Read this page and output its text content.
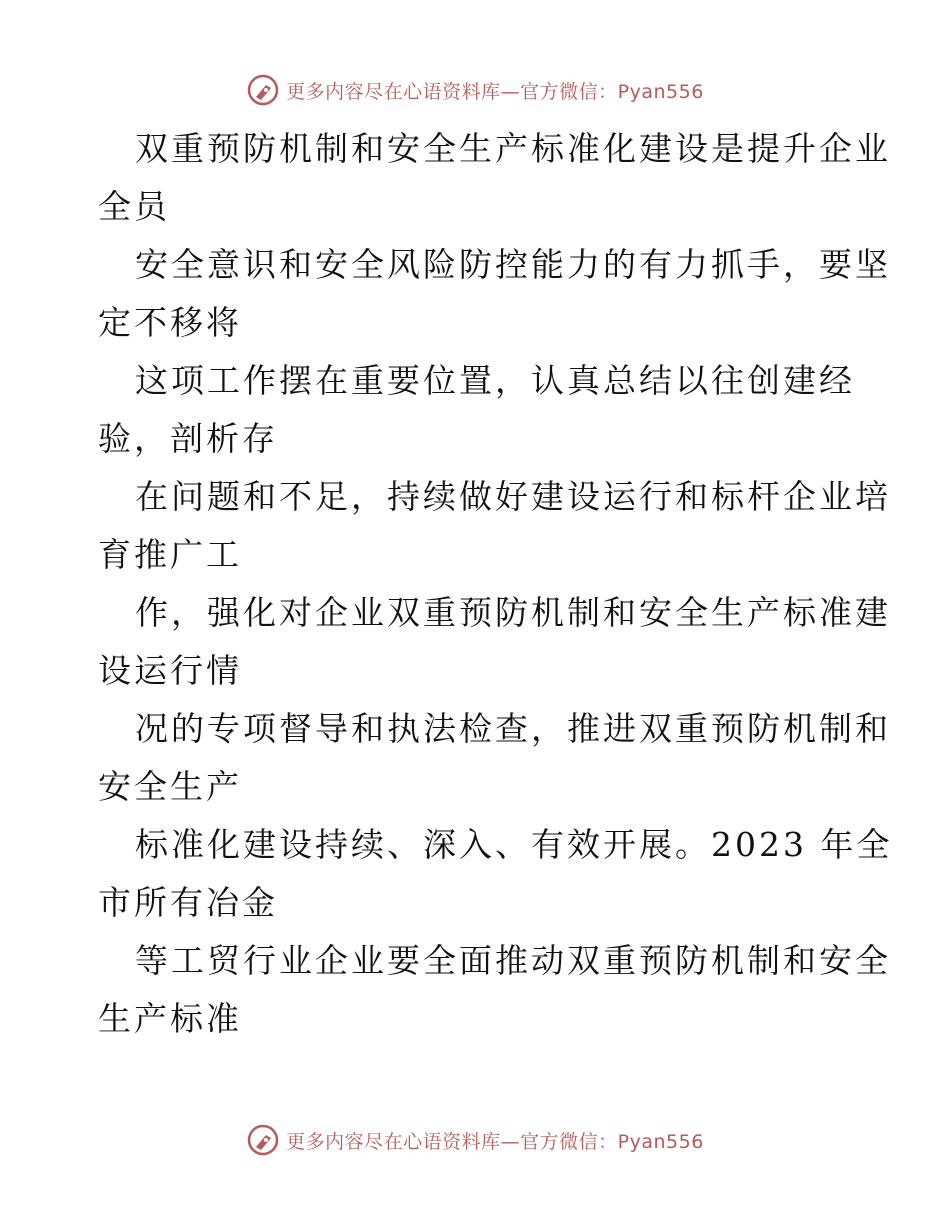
更多内容尽在心语资料库—官方微信：Pyan556

双重预防机制和安全生产标准化建设是提升企业
全员

安全意识和安全风险防控能力的有力抓手，要坚
定不移将

这项工作摆在重要位置，认真总结以往创建经
验，剖析存

在问题和不足，持续做好建设运行和标杆企业培
育推广工

作，强化对企业双重预防机制和安全生产标准建
设运行情

况的专项督导和执法检查，推进双重预防机制和
安全生产

标准化建设持续、深入、有效开展。2023 年全
市所有冶金

等工贸行业企业要全面推动双重预防机制和安全
生产标准

更多内容尽在心语资料库—官方微信：Pyan556
